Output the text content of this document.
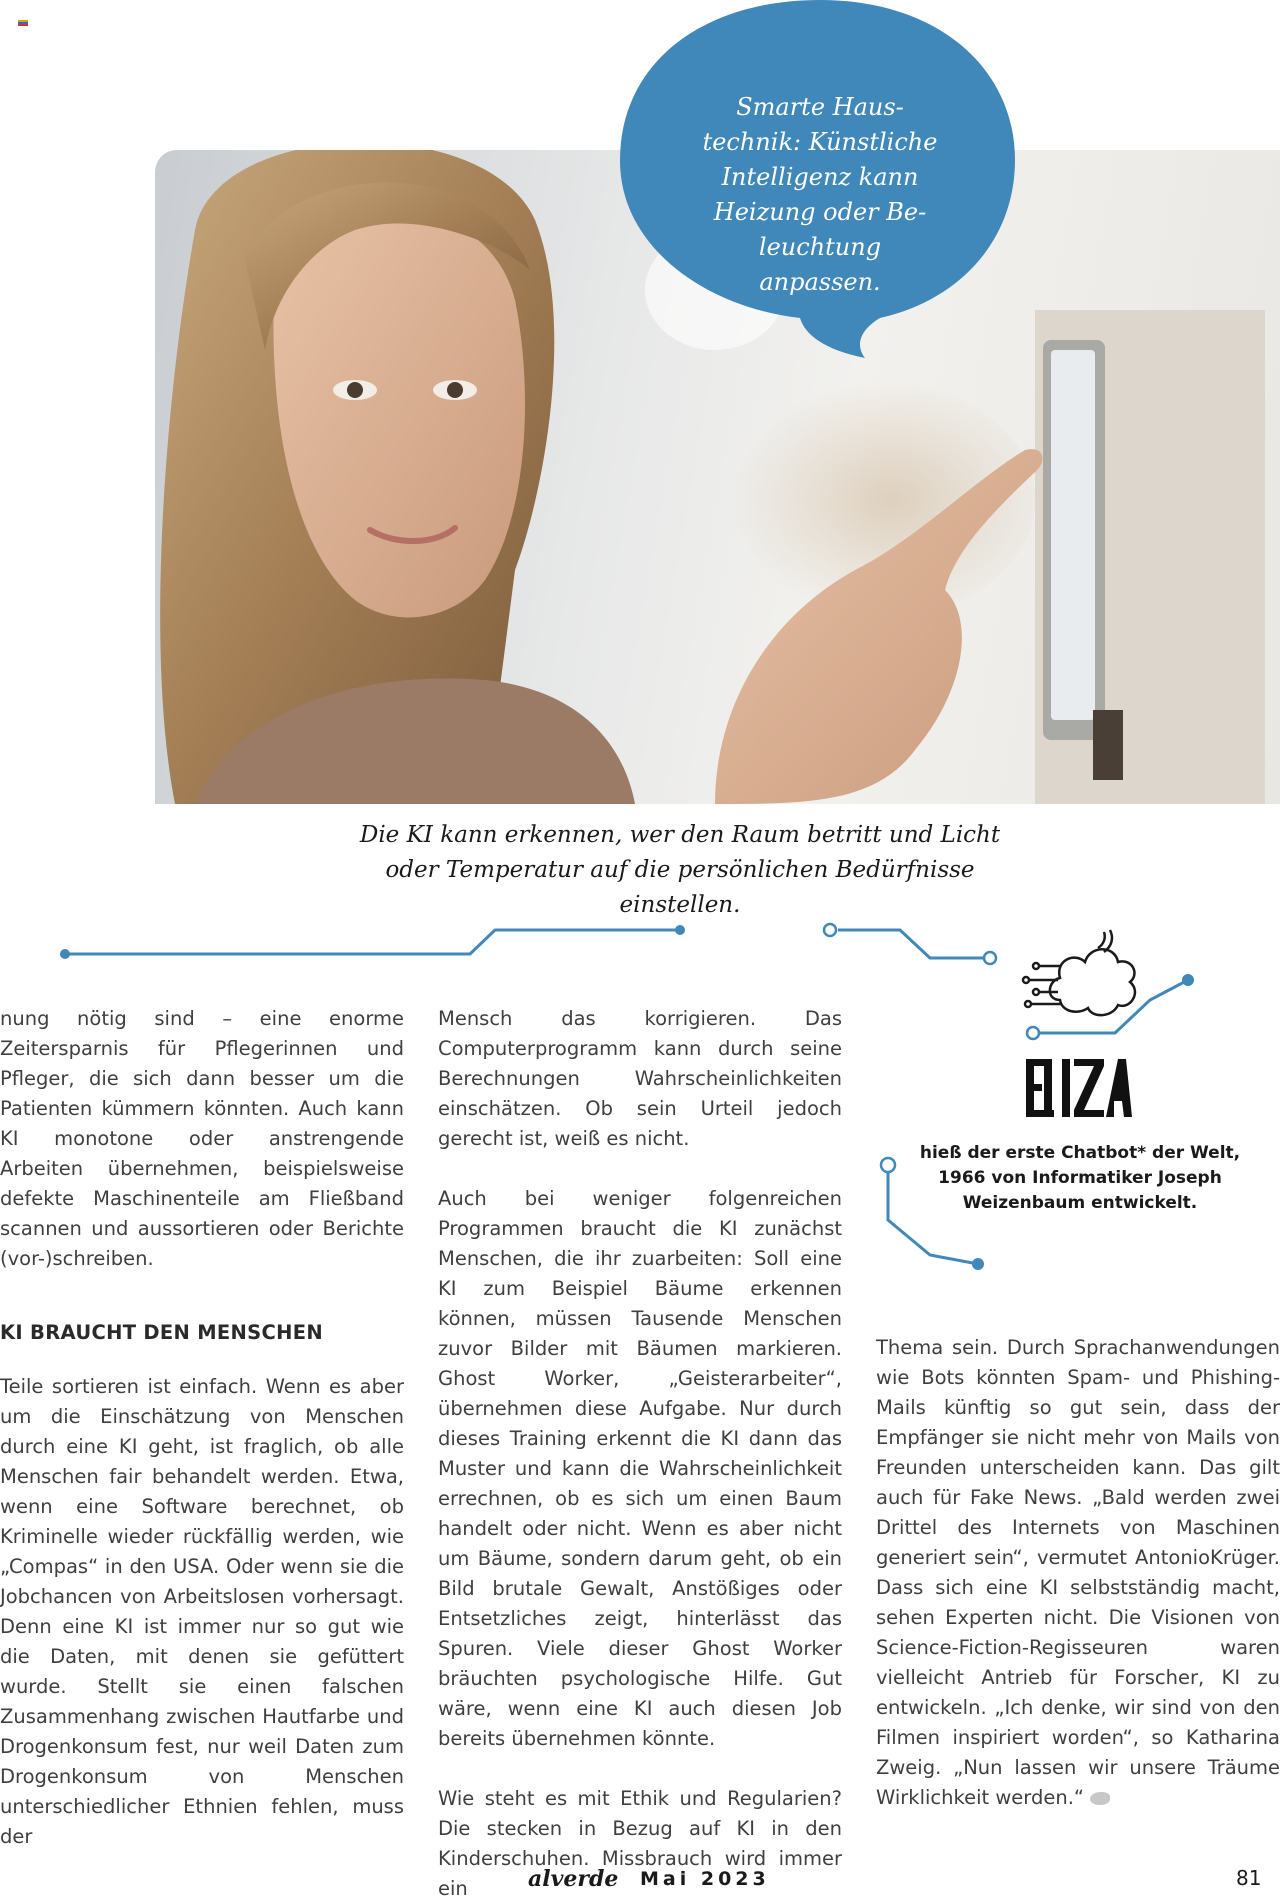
Smarte Haustechnik: Künstliche Intelligenz kann Heizung oder Beleuchtung anpassen.
Die KI kann erkennen, wer den Raum betritt und Licht
oder Temperatur auf die persönlichen Bedürfnisse einstellen.
hieß der erste Chatbot* der Welt, 1966 von Informatiker Joseph Weizenbaum entwickelt.

nung nötig sind – eine enorme Zeitersparnis für Pflegerinnen und Pfleger, die sich dann besser um die Patienten kümmern könnten. Auch kann KI monotone oder anstrengende Arbeiten übernehmen, beispielsweise defekte Maschinenteile am Fließband scannen und aussortieren oder Berichte (vor-)schreiben.

KI BRAUCHT DEN MENSCHEN

Teile sortieren ist einfach. Wenn es aber um die Einschätzung von Menschen durch eine KI geht, ist fraglich, ob alle Menschen fair behandelt werden. Etwa, wenn eine Software berechnet, ob Kriminelle wieder rückfällig werden, wie „Compas“ in den USA. Oder wenn sie die Jobchancen von Arbeitslosen vorhersagt. Denn eine KI ist immer nur so gut wie die Daten, mit denen sie gefüttert wurde. Stellt sie einen falschen Zusammenhang zwischen Hautfarbe und Drogenkonsum fest, nur weil Daten zum Drogenkonsum von Menschen unterschiedlicher Ethnien fehlen, muss der

Mensch das korrigieren. Das Computerprogramm kann durch seine Berechnungen Wahrscheinlichkeiten einschätzen. Ob sein Urteil jedoch gerecht ist, weiß es nicht.

Auch bei weniger folgenreichen Programmen braucht die KI zunächst Menschen, die ihr zuarbeiten: Soll eine KI zum Beispiel Bäume erkennen können, müssen Tausende Menschen zuvor Bilder mit Bäumen markieren. Ghost Worker, „Geisterarbeiter“, übernehmen diese Aufgabe. Nur durch dieses Training erkennt die KI dann das Muster und kann die Wahrscheinlichkeit errechnen, ob es sich um einen Baum handelt oder nicht. Wenn es aber nicht um Bäume, sondern darum geht, ob ein Bild brutale Gewalt, Anstößiges oder Entsetzliches zeigt, hinterlässt das Spuren. Viele dieser Ghost Worker bräuchten psychologische Hilfe. Gut wäre, wenn eine KI auch diesen Job bereits übernehmen könnte.

Wie steht es mit Ethik und Regularien? Die stecken in Bezug auf KI in den Kinderschuhen. Missbrauch wird immer ein

Thema sein. Durch Sprachanwendungen wie Bots könnten Spam- und Phishing-Mails künftig so gut sein, dass der Empfänger sie nicht mehr von Mails von Freunden unterscheiden kann. Das gilt auch für Fake News. „Bald werden zwei Drittel des Internets von Maschinen generiert sein“, vermutet AntonioKrüger. Dass sich eine KI selbstständig macht, sehen Experten nicht. Die Visionen von Science-Fiction-Regisseuren waren vielleicht Antrieb für Forscher, KI zu entwickeln. „Ich denke, wir sind von den Filmen inspiriert worden“, so Katharina Zweig. „Nun lassen wir unsere Träume Wirklichkeit werden.“

alverde Mai 2023	81
